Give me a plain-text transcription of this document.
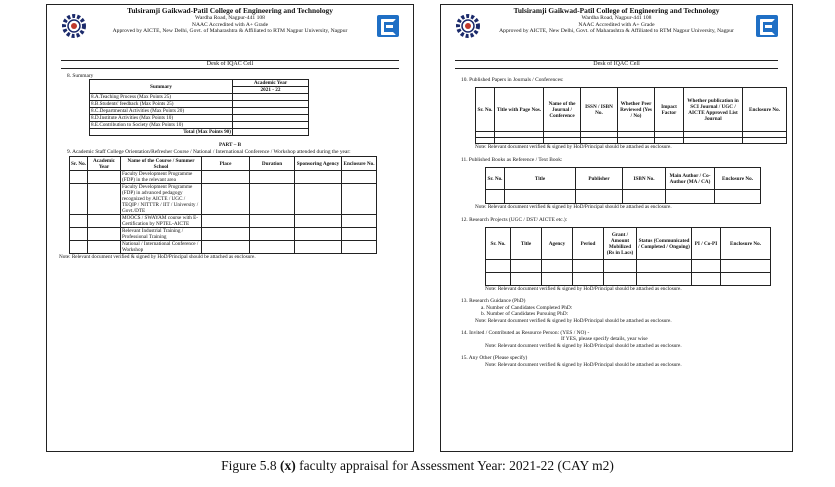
Tulsiramji Gaikwad-Patil College of Engineering and Technology
Wardha Road, Nagpur-441 108
NAAC Accredited with A+ Grade
Approved by AICTE, New Delhi, Govt. of Maharashtra & Affiliated to RTM Nagpur University, Nagpur
Desk of IQAC Cell
8. Summary
Summary	Academic Year
	2021 - 22
8.A.Teaching Process (Max Points 25)	
8.B.Students' feedback (Max Points 25)	
8.C.Departmental Activities (Max Points 20)	
8.D.Institute Activities (Max Points 10)	
8.E.Contribution to Society (Max Points 10)	
Total (Max Points 90)	
PART – B
9. Academic Staff College Orientation/Refresher Course / National / International Conference / Workshop attended during the year:
Sr. No.	Academic Year	Name of the Course / Summer School	Place	Duration	Sponsoring Agency	Enclosure No.
		Faculty Development Programme (FDP) in the relevant area				
		Faculty Development Programme (FDP) in advanced pedagogy recognized by AICTE / UGC / TEQIP / NITTTR / IIT / University / Govt./DTE				
		MOOCS / SWAYAM course with E-Certification by NPTEL-AICTE				
		Relevant Industrial Training / Professional Training				
		National / International Conference / Workshop				
Note: Relevant document verified & signed by HoD/Principal should be attached as enclosure.
Tulsiramji Gaikwad-Patil College of Engineering and Technology
Wardha Road, Nagpur-441 108
NAAC Accredited with A+ Grade
Approved by AICTE, New Delhi, Govt. of Maharashtra & Affiliated to RTM Nagpur University, Nagpur
Desk of IQAC Cell
10. Published Papers in Journals / Conferences:
Sr. No.	Title with Page Nos.	Name of the Journal / Conference	ISSN / ISBN No.	Whether Peer Reviewed (Yes / No)	Impact Factor	Whether publication in SCI Journal / UGC / AICTE Approved List Journal	Enclosure No.

Note: Relevant document verified & signed by HoD/Principal should be attached as enclosure.
11. Published Books as Reference / Text Book:
Sr. No.	Title	Publisher	ISBN No.	Main Author / Co-Author (MA / CA)	Enclosure No.

Note: Relevant document verified & signed by HoD/Principal should be attached as enclosure.
12. Research Projects (UGC / DST/ AICTE etc.):
Sr. No.	Title	Agency	Period	Grant / Amount Mobilized (Rs in Lacs)	Status (Communicated / Completed / Ongoing)	PI / Co-PI	Enclosure No.

Note: Relevant document verified & signed by HoD/Principal should be attached as enclosure.
13. Research Guidance (PhD)
a. Number of Candidates Completed PhD:
b. Number of Candidates Pursuing PhD:
Note: Relevant document verified & signed by HoD/Principal should be attached as enclosure.
14. Invited / Contributed as Resource Person: (YES / NO) -
If YES, please specify details, year wise
Note: Relevant document verified & signed by HoD/Principal should be attached as enclosure.
15. Any Other (Please specify)
Note: Relevant document verified & signed by HoD/Principal should be attached as enclosure.
Figure 5.8 (x) faculty appraisal for Assessment Year: 2021-22 (CAY m2)
